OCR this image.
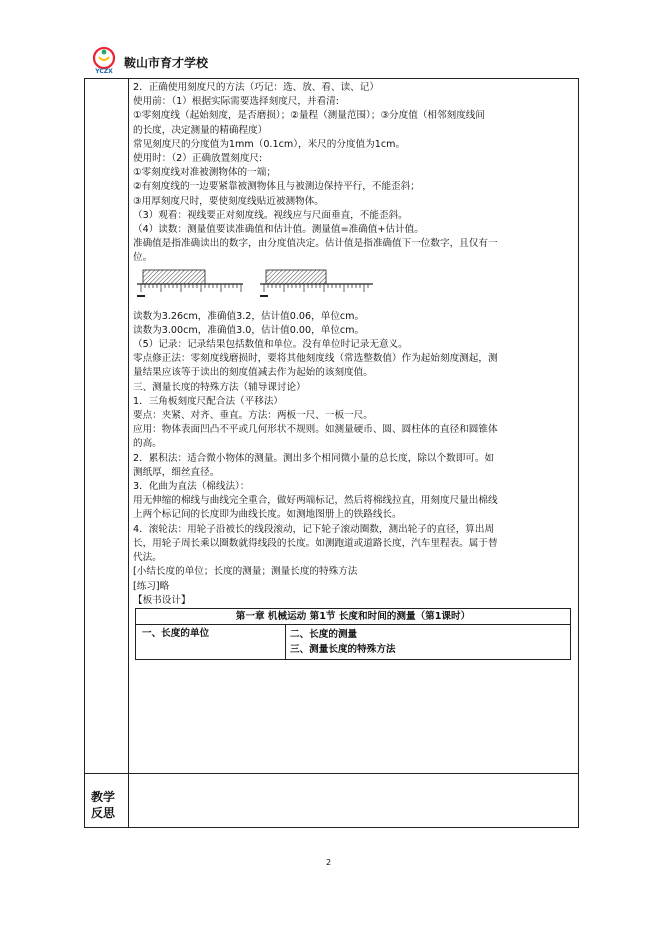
YCZX
鞍山市育才学校
教学
反思
2．正确使用刻度尺的方法（巧记：选、放、看、读、记）
使用前：（1）根据实际需要选择刻度尺，并看清:
①零刻度线（起始刻度，是否磨损）；②量程（测量范围）；③分度值（相邻刻度线间
的长度，决定测量的精确程度）
常见刻度尺的分度值为1mm（0.1cm），米尺的分度值为1cm。
使用时：（2）正确放置刻度尺:
①零刻度线对准被测物体的一端；
②有刻度线的一边要紧靠被测物体且与被测边保持平行，不能歪斜；
③用厚刻度尺时，要使刻度线贴近被测物体。
（3）观看：视线要正对刻度线。视线应与尺面垂直，不能歪斜。
（4）读数：测量值要读准确值和估计值。测量值=准确值+估计值。
准确值是指准确读出的数字，由分度值决定。估计值是指准确值下一位数字，且仅有一
位。
读数为3.26cm，准确值3.2，估计值0.06，单位cm。
读数为3.00cm，准确值3.0，估计值0.00，单位cm。
（5）记录：记录结果包括数值和单位。没有单位时记录无意义。
零点修正法：零刻度线磨损时，要将其他刻度线（常选整数值）作为起始刻度测起，测
量结果应该等于读出的刻度值减去作为起始的该刻度值。
三、测量长度的特殊方法（辅导课讨论）
1．三角板刻度尺配合法（平移法）
要点：夹紧、对齐、垂直。方法：两板一尺、一板一尺。
应用：物体表面凹凸不平或几何形状不规则。如测量硬币、圆、圆柱体的直径和圆锥体
的高。
2．累积法：适合微小物体的测量。测出多个相同微小量的总长度，除以个数即可。如
测纸厚，细丝直径。
3．化曲为直法（棉线法）：
用无伸缩的棉线与曲线完全重合，做好两端标记，然后将棉线拉直，用刻度尺量出棉线
上两个标记间的长度即为曲线长度。如测地图册上的铁路线长。
4．滚轮法：用轮子沿被长的线段滚动，记下轮子滚动圈数，测出轮子的直径，算出周
长，用轮子周长乘以圈数就得线段的长度。如测跑道或道路长度，汽车里程表。属于替
代法。
[小结长度的单位；长度的测量；测量长度的特殊方法
[练习]略
【板书设计】
第一章 机械运动 第1节 长度和时间的测量（第1课时）
一、长度的单位	二、长度的测量
三、测量长度的特殊方法
2
